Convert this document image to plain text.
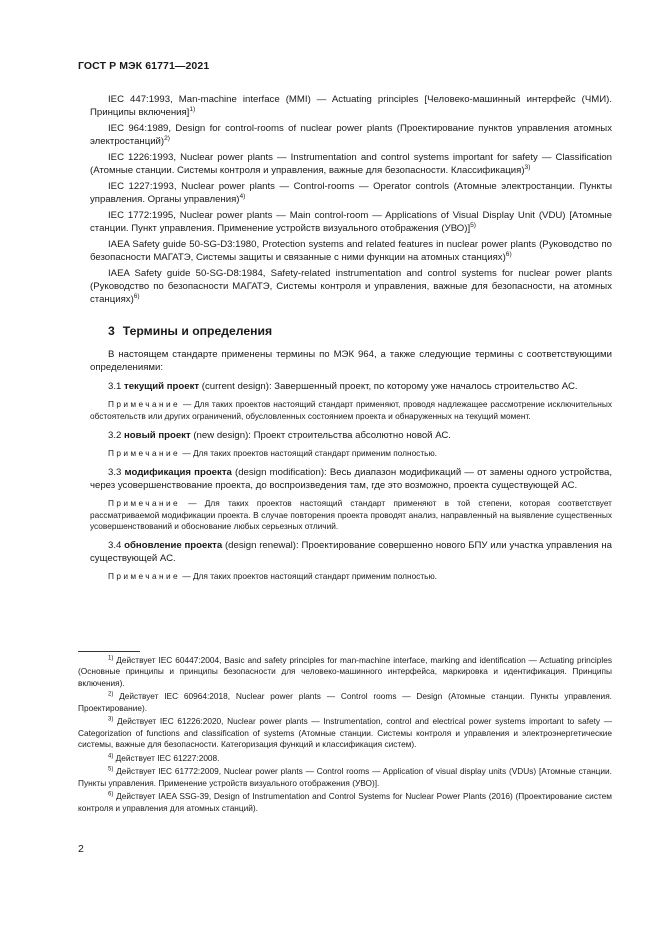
ГОСТ Р МЭК 61771—2021

IEC 447:1993, Man-machine interface (MMI) — Actuating principles [Человеко-машинный интерфейс (ЧМИ). Принципы включения]$^{1)}$

IEC 964:1989, Design for control-rooms of nuclear power plants (Проектирование пунктов управления атомных электростанций)$^{2)}$

IEC 1226:1993, Nuclear power plants — Instrumentation and control systems important for safety — Classification (Атомные станции. Системы контроля и управления, важные для безопасности. Классификация)$^{3)}$

IEC 1227:1993, Nuclear power plants — Control-rooms — Operator controls (Атомные электростанции. Пункты управления. Органы управления)$^{4)}$

IEC 1772:1995, Nuclear power plants — Main control-room — Applications of Visual Display Unit (VDU) [Атомные станции. Пункт управления. Применение устройств визуального отображения (УВО)]$^{5)}$

IAEA Safety guide 50-SG-D3:1980, Protection systems and related features in nuclear power plants (Руководство по безопасности МАГАТЭ, Системы защиты и связанные с ними функции на атомных станциях)$^{6)}$

IAEA Safety guide 50-SG-D8:1984, Safety-related instrumentation and control systems for nuclear power plants (Руководство по безопасности МАГАТЭ, Системы контроля и управления, важные для безопасности, на атомных станциях)$^{6)}$

3 Термины и определения

В настоящем стандарте применены термины по МЭК 964, а также следующие термины с соответствующими определениями:

3.1 текущий проект (current design): Завершенный проект, по которому уже началось строительство АС.

Примечание — Для таких проектов настоящий стандарт применяют, проводя надлежащее рассмотрение исключительных обстоятельств или других ограничений, обусловленных состоянием проекта и обнаруженных на текущий момент.

3.2 новый проект (new design): Проект строительства абсолютно новой АС.

Примечание — Для таких проектов настоящий стандарт применим полностью.

3.3 модификация проекта (design modification): Весь диапазон модификаций — от замены одного устройства, через усовершенствование проекта, до воспроизведения там, где это возможно, проекта существующей АС.

Примечание — Для таких проектов настоящий стандарт применяют в той степени, которая соответствует рассматриваемой модификации проекта. В случае повторения проекта проводят анализ, направленный на выявление существенных усовершенствований и обоснование любых серьезных отличий.

3.4 обновление проекта (design renewal): Проектирование совершенно нового БПУ или участка управления на существующей АС.

Примечание — Для таких проектов настоящий стандарт применим полностью.

$^{1)}$ Действует IEC 60447:2004, Basic and safety principles for man-machine interface, marking and identification — Actuating principles (Основные принципы и принципы безопасности для человеко-машинного интерфейса, маркировка и идентификация. Принципы включения).

$^{2)}$ Действует IEC 60964:2018, Nuclear power plants — Control rooms — Design (Атомные станции. Пункты управления. Проектирование).

$^{3)}$ Действует IEC 61226:2020, Nuclear power plants — Instrumentation, control and electrical power systems important to safety — Categorization of functions and classification of systems (Атомные станции. Системы контроля и управления и электроэнергетические системы, важные для безопасности. Категоризация функций и классификация систем).

$^{4)}$ Действует IEC 61227:2008.

$^{5)}$ Действует IEC 61772:2009, Nuclear power plants — Control rooms — Application of visual display units (VDUs) [Атомные станции. Пункты управления. Применение устройств визуального отображения (УВО)].

$^{6)}$ Действует IAEA SSG-39, Design of Instrumentation and Control Systems for Nuclear Power Plants (2016) (Проектирование систем контроля и управления для атомных станций).

2
